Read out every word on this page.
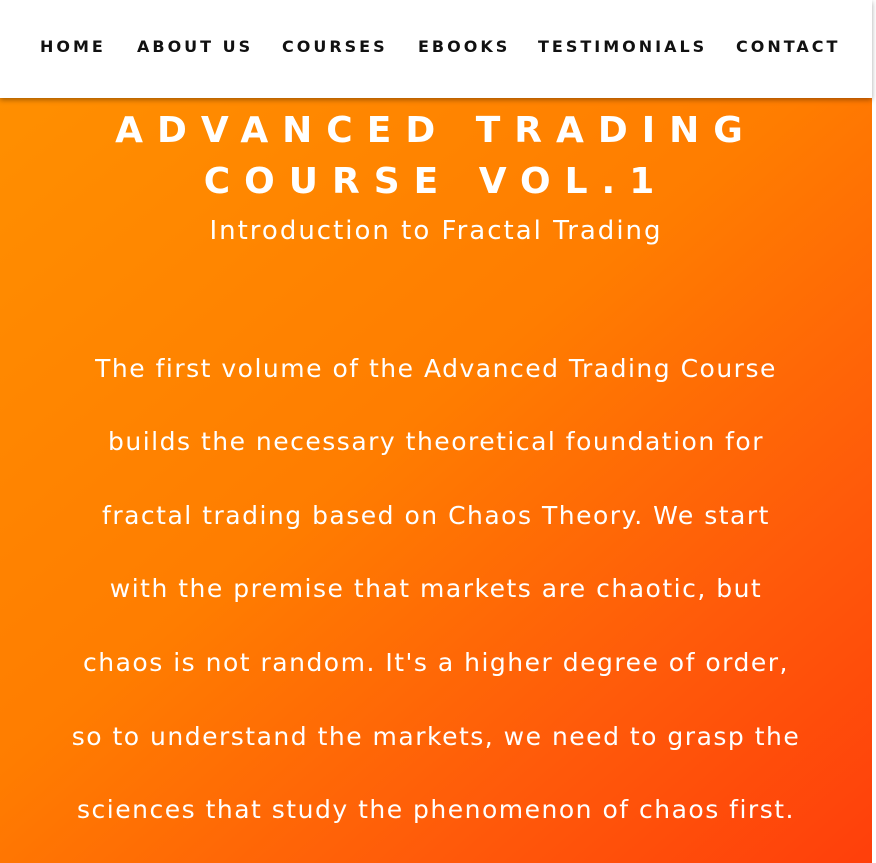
HOME ABOUT US COURSES EBOOKS TESTIMONIALS CONTACT
ADVANCED TRADING
COURSE VOL.1
Introduction to Fractal Trading
The first volume of the Advanced Trading Course
builds the necessary theoretical foundation for
fractal trading based on Chaos Theory. We start
with the premise that markets are chaotic, but
chaos is not random. It's a higher degree of order,
so to understand the markets, we need to grasp the
sciences that study the phenomenon of chaos first.
